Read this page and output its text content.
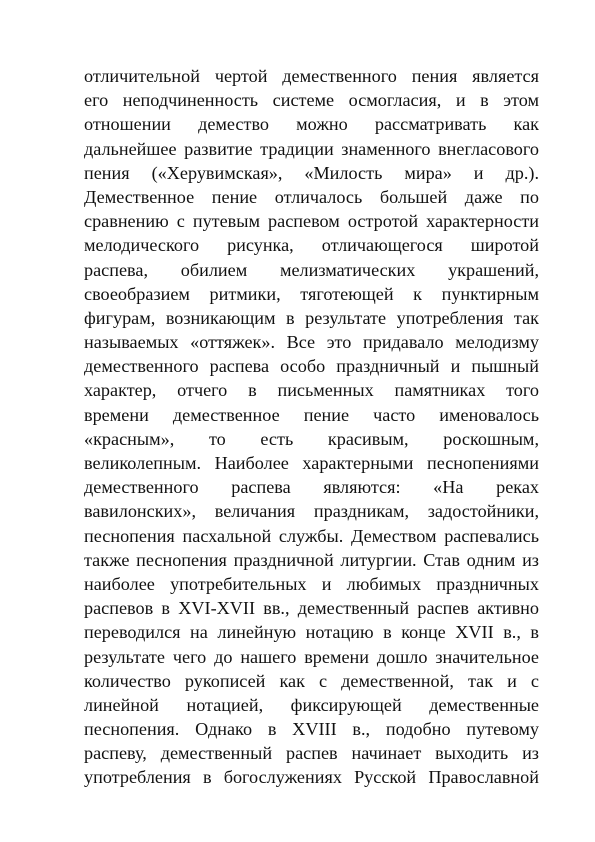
отличительной чертой демественного пения является
его неподчиненность системе осмогласия, и в этом
отношении демество можно рассматривать как
дальнейшее развитие традиции знаменного внегласового
пения («Херувимская», «Милость мира» и др.).
Демественное пение отличалось большей даже по
сравнению с путевым распевом остротой характерности
мелодического рисунка, отличающегося широтой
распева, обилием мелизматических украшений,
своеобразием ритмики, тяготеющей к пунктирным
фигурам, возникающим в результате употребления так
называемых «оттяжек». Все это придавало мелодизму
демественного распева особо праздничный и пышный
характер, отчего в письменных памятниках того
времени демественное пение часто именовалось
«красным», то есть красивым, роскошным,
великолепным. Наиболее характерными песнопениями
демественного распева являются: «На реках
вавилонских», величания праздникам, задостойники,
песнопения пасхальной службы. Демеством распевались
также песнопения праздничной литургии. Став одним из
наиболее употребительных и любимых праздничных
распевов в XVI-XVII вв., демественный распев активно
переводился на линейную нотацию в конце XVII в., в
результате чего до нашего времени дошло значительное
количество рукописей как с демественной, так и с
линейной нотацией, фиксирующей демественные
песнопения. Однако в XVIII в., подобно путевому
распеву, демественный распев начинает выходить из
употребления в богослужениях Русской Православной
